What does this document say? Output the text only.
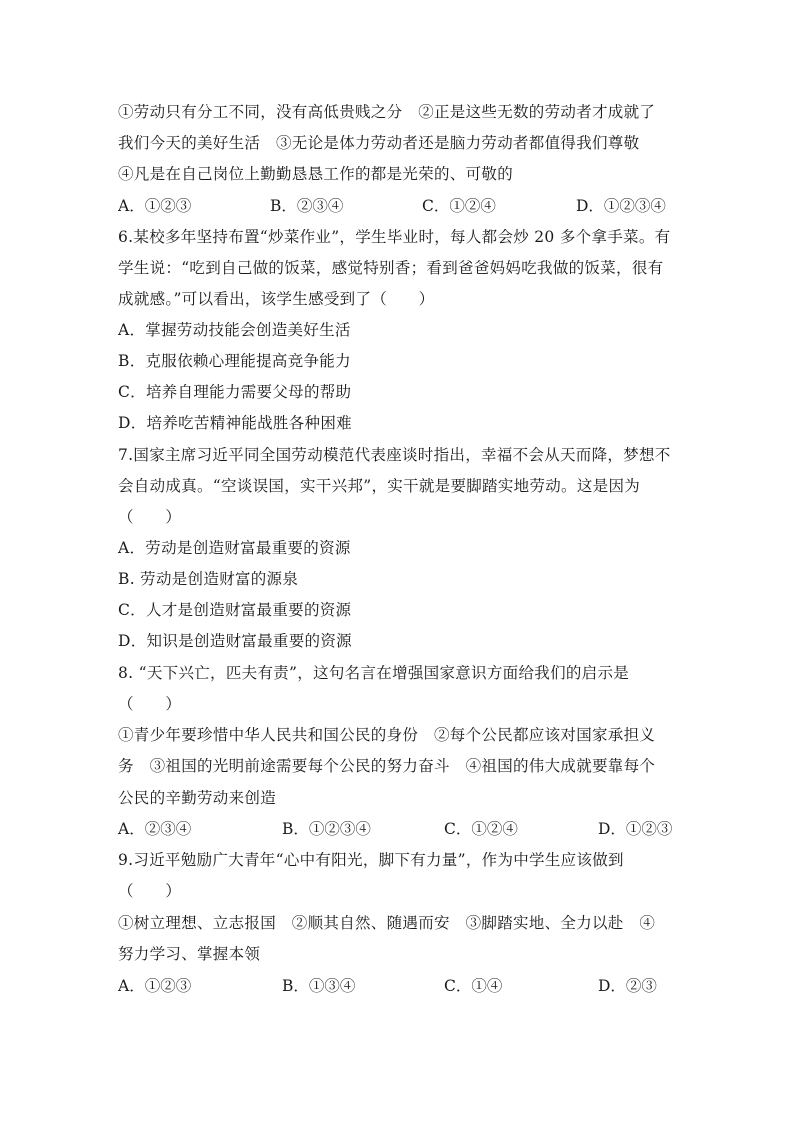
①劳动只有分工不同，没有高低贵贱之分　②正是这些无数的劳动者才成就了
我们今天的美好生活　③无论是体力劳动者还是脑力劳动者都值得我们尊敬
④凡是在自己岗位上勤勤恳恳工作的都是光荣的、可敬的
A．①②③	B．②③④	C．①②④	D．①②③④
6.某校多年坚持布置“炒菜作业”，学生毕业时，每人都会炒 20 多个拿手菜。有
学生说：“吃到自己做的饭菜，感觉特别香；看到爸爸妈妈吃我做的饭菜，很有
成就感。”可以看出，该学生感受到了（　　）
A．掌握劳动技能会创造美好生活
B．克服依赖心理能提高竞争能力
C．培养自理能力需要父母的帮助
D．培养吃苦精神能战胜各种困难
7.国家主席习近平同全国劳动模范代表座谈时指出，幸福不会从天而降，梦想不
会自动成真。“空谈误国，实干兴邦”，实干就是要脚踏实地劳动。这是因为
（　　）
A．劳动是创造财富最重要的资源
B. 劳动是创造财富的源泉
C．人才是创造财富最重要的资源
D．知识是创造财富最重要的资源
8. “天下兴亡，匹夫有责”，这句名言在增强国家意识方面给我们的启示是
（　　）
①青少年要珍惜中华人民共和国公民的身份　②每个公民都应该对国家承担义
务　③祖国的光明前途需要每个公民的努力奋斗　④祖国的伟大成就要靠每个
公民的辛勤劳动来创造
A．②③④	B．①②③④	C．①②④	D．①②③
9.习近平勉励广大青年“心中有阳光，脚下有力量”，作为中学生应该做到
（　　）
①树立理想、立志报国　②顺其自然、随遇而安　③脚踏实地、全力以赴　④
努力学习、掌握本领
A．①②③	B．①③④	C．①④	D．②③
